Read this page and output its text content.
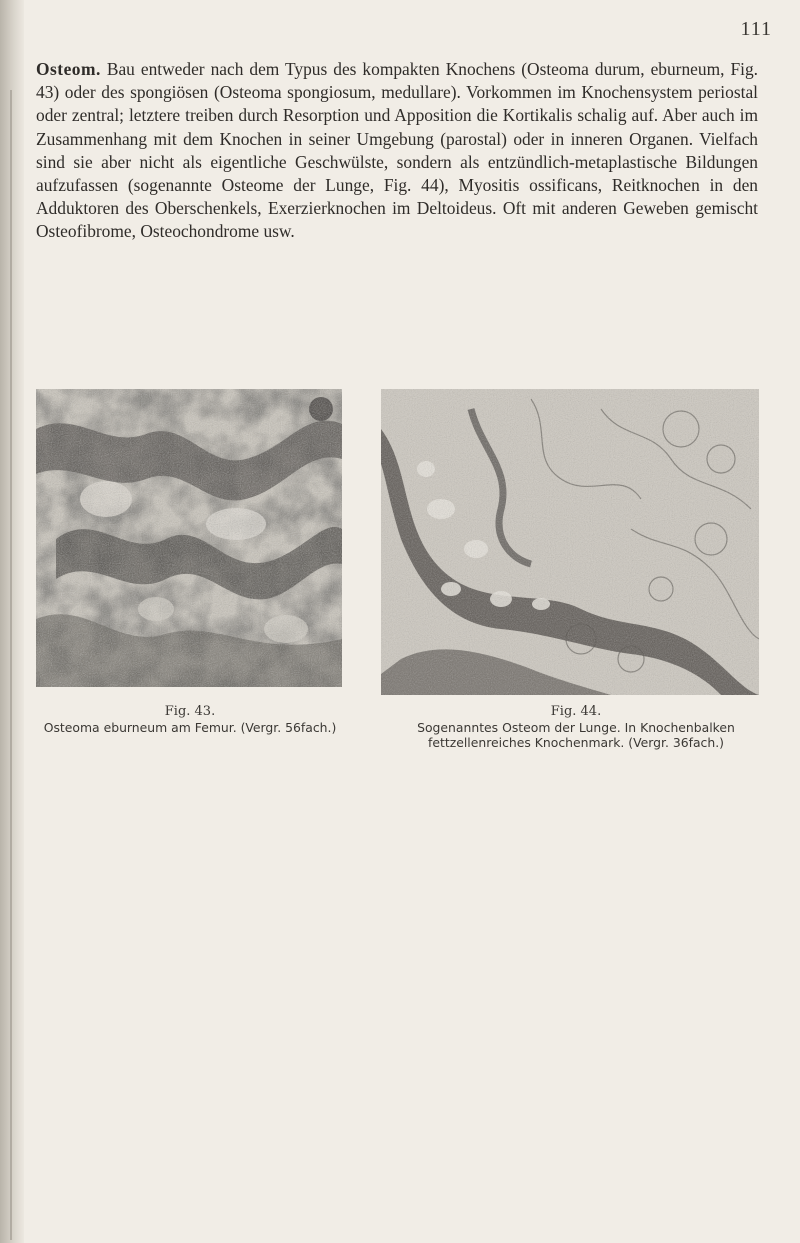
111

Osteom. Bau entweder nach dem Typus des kompakten Knochens (Osteoma durum, eburneum, Fig. 43) oder des spongiösen (Osteoma spongiosum, medullare). Vorkommen im Knochensystem periostal oder zentral; letztere treiben durch Resorption und Apposition die Kortikalis schalig auf. Aber auch im Zusammenhang mit dem Knochen in seiner Umgebung (parostal) oder in inneren Organen. Vielfach sind sie aber nicht als eigentliche Geschwülste, sondern als entzündlich-metaplastische Bildungen aufzufassen (sogenannte Osteome der Lunge, Fig. 44), Myositis ossificans, Reitknochen in den Adduktoren des Oberschenkels, Exerzierknochen im Deltoideus. Oft mit anderen Geweben gemischt Osteofibrome, Osteochondrome usw.

Fig. 43.
Osteoma eburneum am Femur. (Vergr. 56fach.)
Fig. 44.
Sogenanntes Osteom der Lunge. In Knochenbalken fettzellenreiches Knochenmark. (Vergr. 36fach.)
